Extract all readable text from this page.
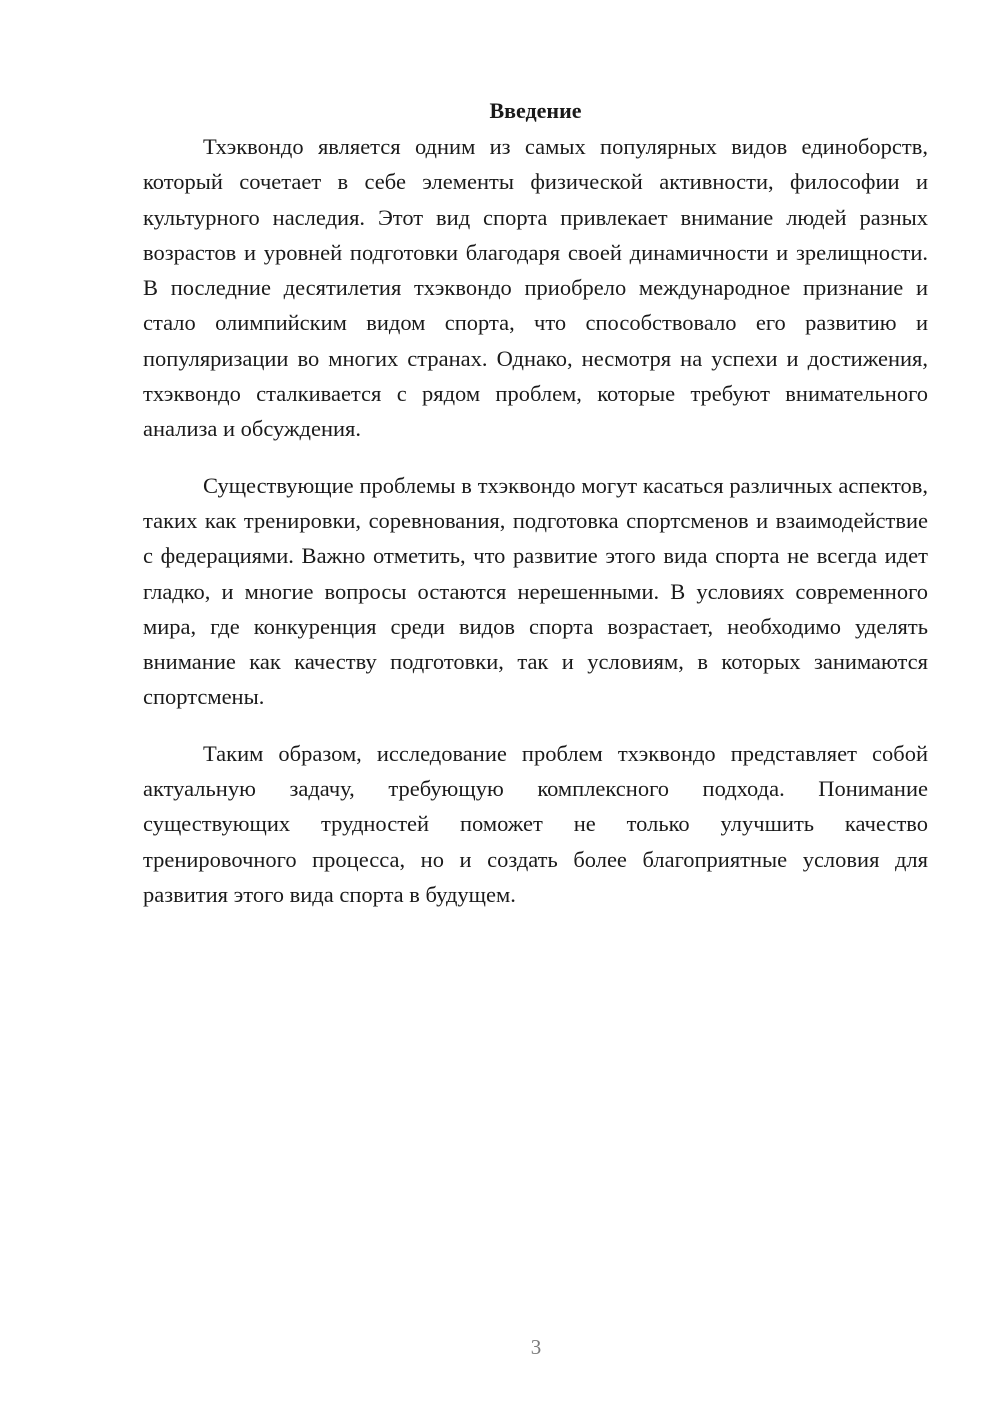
Введение

Тхэквондо является одним из самых популярных видов единоборств, который сочетает в себе элементы физической активности, философии и культурного наследия. Этот вид спорта привлекает внимание людей разных возрастов и уровней подготовки благодаря своей динамичности и зрелищности. В последние десятилетия тхэквондо приобрело международное признание и стало олимпийским видом спорта, что способствовало его развитию и популяризации во многих странах. Однако, несмотря на успехи и достижения, тхэквондо сталкивается с рядом проблем, которые требуют внимательного анализа и обсуждения.

Существующие проблемы в тхэквондо могут касаться различных аспектов, таких как тренировки, соревнования, подготовка спортсменов и взаимодействие с федерациями. Важно отметить, что развитие этого вида спорта не всегда идет гладко, и многие вопросы остаются нерешенными. В условиях современного мира, где конкуренция среди видов спорта возрастает, необходимо уделять внимание как качеству подготовки, так и условиям, в которых занимаются спортсмены.

Таким образом, исследование проблем тхэквондо представляет собой актуальную задачу, требующую комплексного подхода. Понимание существующих трудностей поможет не только улучшить качество тренировочного процесса, но и создать более благоприятные условия для развития этого вида спорта в будущем.

3
